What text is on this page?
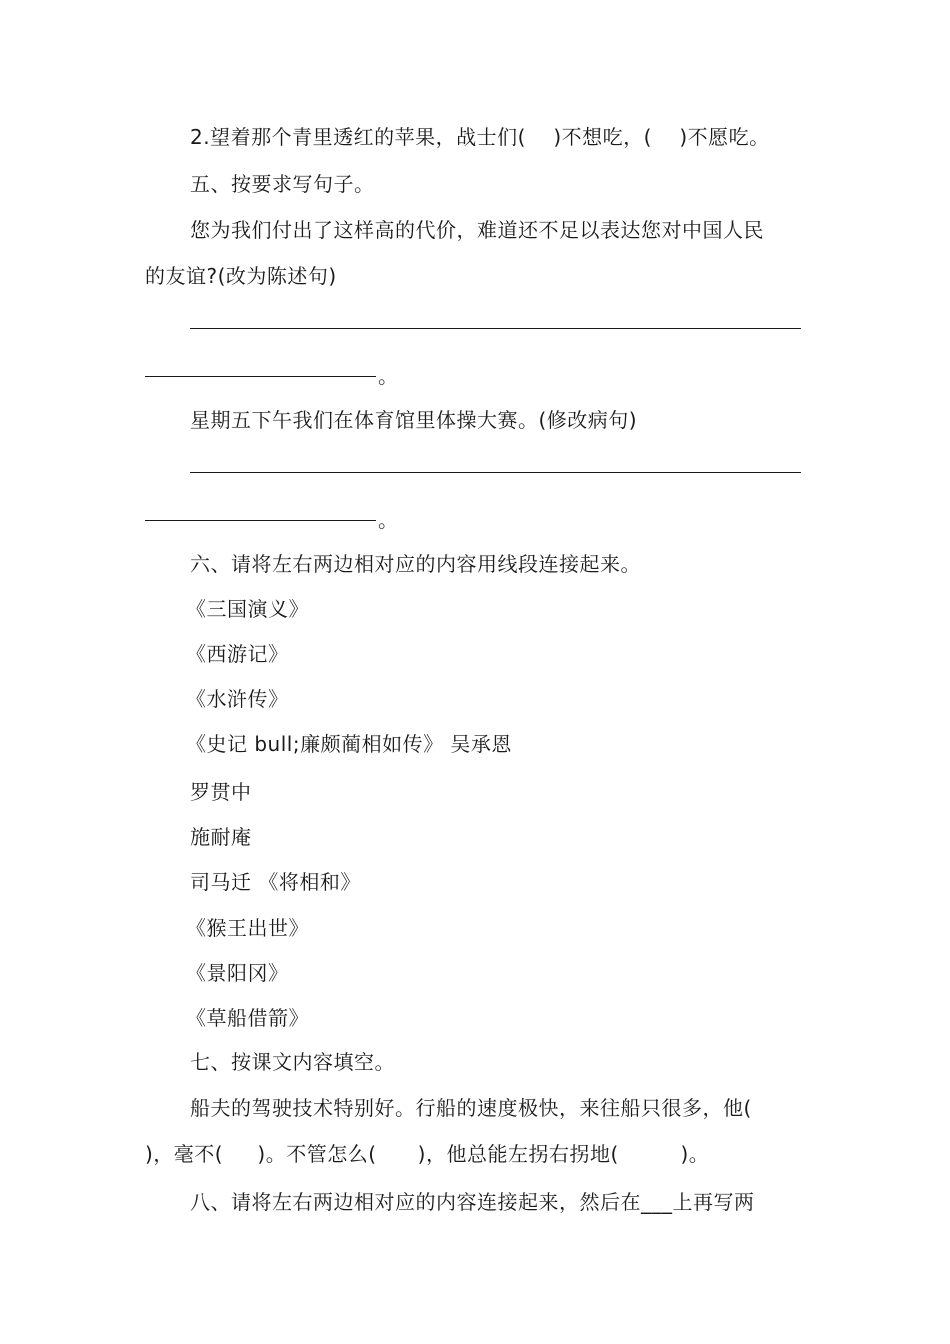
2.望着那个青里透红的苹果，战士们(    )不想吃，(    )不愿吃。
五、按要求写句子。
您为我们付出了这样高的代价，难道还不足以表达您对中国人民
的友谊?(改为陈述句)
。
星期五下午我们在体育馆里体操大赛。(修改病句)
。
六、请将左右两边相对应的内容用线段连接起来。
《三国演义》
《西游记》
《水浒传》
《史记 bull;廉颇蔺相如传》 吴承恩
罗贯中
施耐庵
司马迁 《将相和》
《猴王出世》
《景阳冈》
《草船借箭》
七、按课文内容填空。
船夫的驾驶技术特别好。行船的速度极快，来往船只很多，他(
)，毫不(     )。不管怎么(      )，他总能左拐右拐地(         )。
八、请将左右两边相对应的内容连接起来，然后在___上再写两
